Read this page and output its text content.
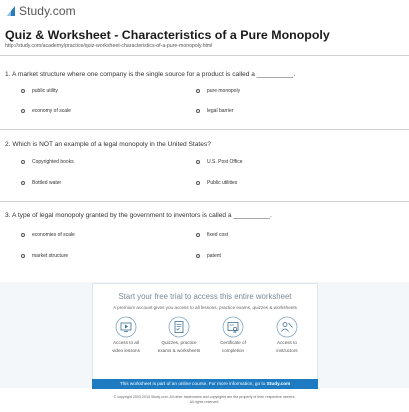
Study.com
Quiz & Worksheet - Characteristics of a Pure Monopoly
http://study.com/academy/practice/quiz-worksheet-characteristics-of-a-pure-monopoly.html
1. A market structure where one company is the single source for a product is called a __________.
public utility	pure monopoly
economy of scale	legal barrier
2. Which is NOT an example of a legal monopoly in the United States?
Copyrighted books	U.S. Post Office
Bottled water	Public utilities
3. A type of legal monopoly granted by the government to inventors is called a __________.
economies of scale	fixed cost
market structure	patent
Start your free trial to access this entire worksheet
A premium account gives you access to all lessons, practice exams, quizzes & worksheets
Access to all
video lessons
Quizzes, practice
exams & worksheets
Certificate of
completion
Access to
instructors
This worksheet is part of an online course. For more information, go to Study.com
© copyright 2003-2015 Study.com. All other trademarks and copyrights are the property of their respective owners.
All rights reserved.
